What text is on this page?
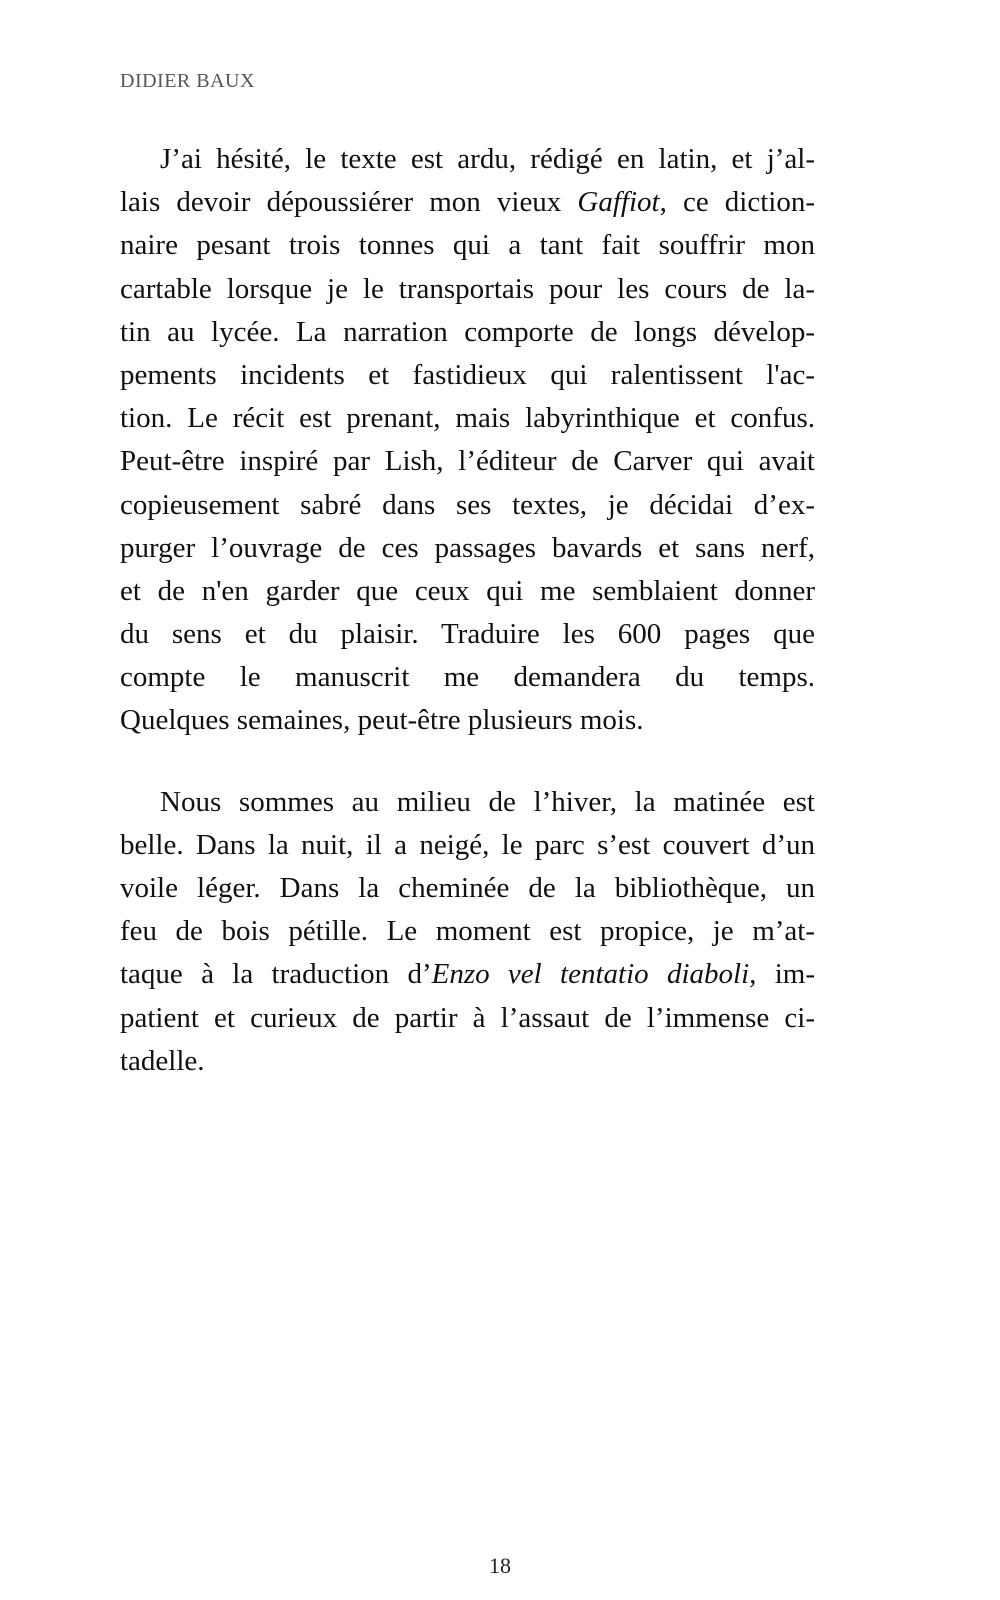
DIDIER BAUX
J’ai hésité, le texte est ardu, rédigé en latin, et j’al-
lais devoir dépoussiérer mon vieux Gaffiot, ce diction-
naire pesant trois tonnes qui a tant fait souffrir mon
cartable lorsque je le transportais pour les cours de la-
tin au lycée. La narration comporte de longs dévelop-
pements incidents et fastidieux qui ralentissent l'ac-
tion. Le récit est prenant, mais labyrinthique et confus.
Peut-être inspiré par Lish, l’éditeur de Carver qui avait
copieusement sabré dans ses textes, je décidai d’ex-
purger l’ouvrage de ces passages bavards et sans nerf,
et de n'en garder que ceux qui me semblaient donner
du sens et du plaisir. Traduire les 600 pages que
compte le manuscrit me demandera du temps.
Quelques semaines, peut-être plusieurs mois.
Nous sommes au milieu de l’hiver, la matinée est
belle. Dans la nuit, il a neigé, le parc s’est couvert d’un
voile léger. Dans la cheminée de la bibliothèque, un
feu de bois pétille. Le moment est propice, je m’at-
taque à la traduction d’Enzo vel tentatio diaboli, im-
patient et curieux de partir à l’assaut de l’immense ci-
tadelle.
18
